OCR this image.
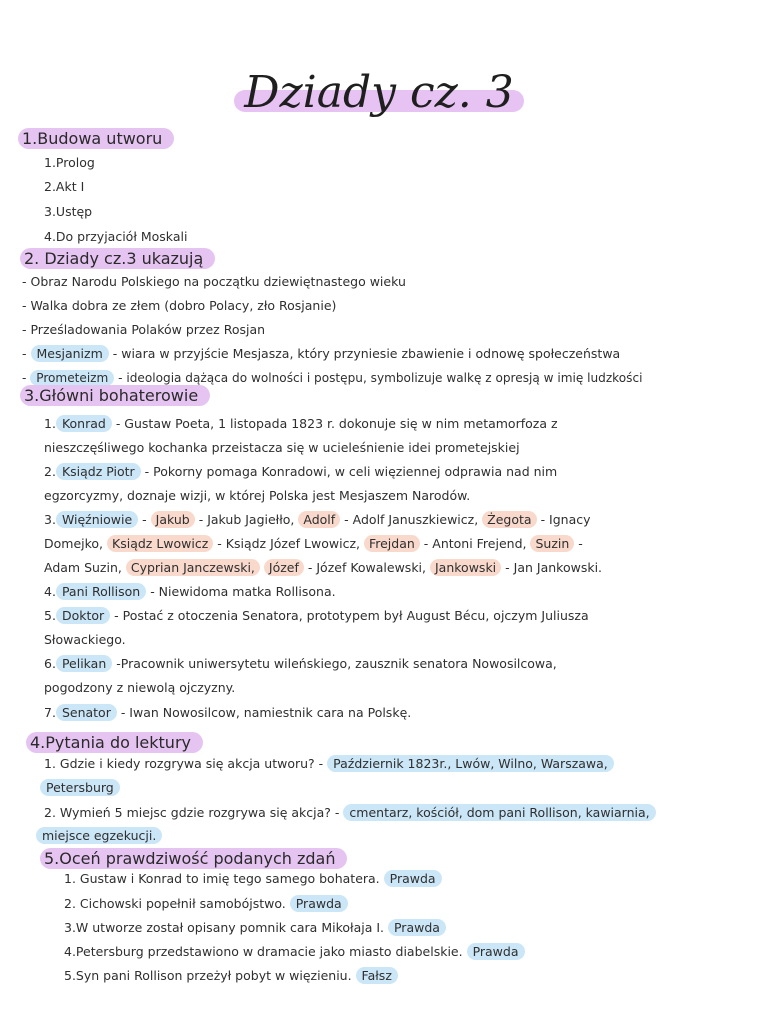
Dziady cz. 3
1.Budowa utworu
1.Prolog
2.Akt I
3.Ustęp
4.Do przyjaciół Moskali
2. Dziady cz.3 ukazują
- Obraz Narodu Polskiego na początku dziewiętnastego wieku
- Walka dobra ze złem (dobro Polacy, zło Rosjanie)
- Prześladowania Polaków przez Rosjan
- Mesjanizm - wiara w przyjście Mesjasza, który przyniesie zbawienie i odnowę społeczeństwa
- Prometeizm - ideologia dążąca do wolności i postępu, symbolizuje walkę z opresją w imię ludzkości
3.Główni bohaterowie
1. Konrad - Gustaw Poeta, 1 listopada 1823 r. dokonuje się w nim metamorfoza z
nieszczęśliwego kochanka przeistacza się w ucieleśnienie idei prometejskiej
2. Ksiądz Piotr - Pokorny pomaga Konradowi, w celi więziennej odprawia nad nim
egzorcyzmy, doznaje wizji, w której Polska jest Mesjaszem Narodów.
3. Więźniowie - Jakub - Jakub Jagiełło, Adolf - Adolf Januszkiewicz, Żegota - Ignacy
Domejko, Ksiądz Lwowicz - Ksiądz Józef Lwowicz, Frejdan - Antoni Frejend, Suzin -
Adam Suzin, Cyprian Janczewski, Józef - Józef Kowalewski, Jankowski - Jan Jankowski.
4. Pani Rollison - Niewidoma matka Rollisona.
5. Doktor - Postać z otoczenia Senatora, prototypem był August Bécu, ojczym Juliusza
Słowackiego.
6. Pelikan -Pracownik uniwersytetu wileńskiego, zausznik senatora Nowosilcowa,
pogodzony z niewolą ojczyzny.
7. Senator - Iwan Nowosilcow, namiestnik cara na Polskę.
4.Pytania do lektury
1. Gdzie i kiedy rozgrywa się akcja utworu? - Październik 1823r., Lwów, Wilno, Warszawa,
Petersburg
2. Wymień 5 miejsc gdzie rozgrywa się akcja? - cmentarz, kościół, dom pani Rollison, kawiarnia,
miejsce egzekucji.
5.Oceń prawdziwość podanych zdań
1. Gustaw i Konrad to imię tego samego bohatera. Prawda
2. Cichowski popełnił samobójstwo. Prawda
3.W utworze został opisany pomnik cara Mikołaja I. Prawda
4.Petersburg przedstawiono w dramacie jako miasto diabelskie. Prawda
5.Syn pani Rollison przeżył pobyt w więzieniu. Fałsz
